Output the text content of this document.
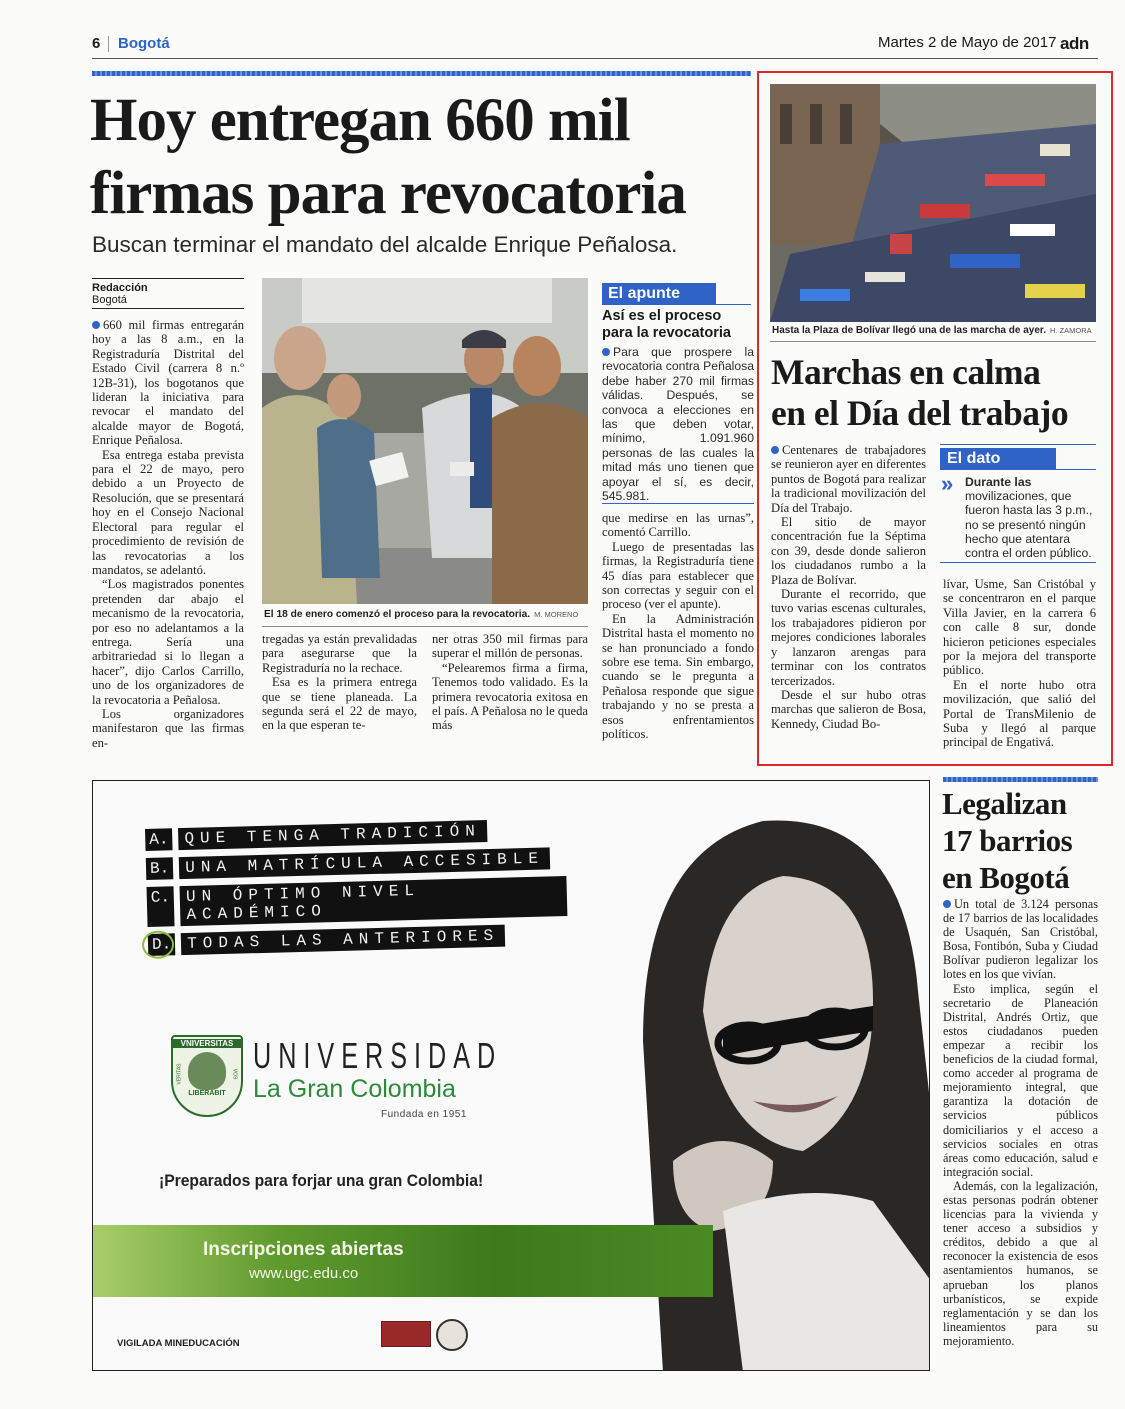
6 Bogotá	Martes 2 de Mayo de 2017 adn
Hoy entregan 660 mil
firmas para revocatoria
Buscan terminar el mandato del alcalde Enrique Peñalosa.
Redacción
Bogotá

660 mil firmas entregarán hoy a las 8 a.m., en la Registraduría Distrital del Estado Civil (carrera 8 n.º 12B-31), los bogotanos que lideran la iniciativa para revocar el mandato del alcalde mayor de Bogotá, Enrique Peñalosa.

Esa entrega estaba prevista para el 22 de mayo, pero debido a un Proyecto de Resolución, que se presentará hoy en el Consejo Nacional Electoral para regular el procedimiento de revisión de las revocatorias a los mandatos, se adelantó.

“Los magistrados ponentes pretenden dar abajo el mecanismo de la revocatoria, por eso no adelantamos a la entrega. Sería una arbitrariedad si lo llegan a hacer”, dijo Carlos Carrillo, uno de los organizadores de la revocatoria a Peñalosa.

Los organizadores manifestaron que las firmas en-

El 18 de enero comenzó el proceso para la revocatoria. M. MORENO

tregadas ya están prevalidadas para asegurarse que la Registraduría no la rechace.

Esa es la primera entrega que se tiene planeada. La segunda será el 22 de mayo, en la que esperan te-

ner otras 350 mil firmas para superar el millón de personas.

“Pelearemos firma a firma, Tenemos todo validado. Es la primera revocatoria exitosa en el país. A Peñalosa no le queda más

El apunte
Así es el proceso
para la revocatoria
Para que prospere la revocatoria contra Peñalosa debe haber 270 mil firmas válidas. Después, se convoca a elecciones en las que deben votar, mínimo, 1.091.960 personas de las cuales la mitad más uno tienen que apoyar el sí, es decir, 545.981.

que medirse en las urnas”, comentó Carrillo.

Luego de presentadas las firmas, la Registraduría tiene 45 días para establecer que son correctas y seguir con el proceso (ver el apunte).

En la Administración Distrital hasta el momento no se han pronunciado a fondo sobre ese tema. Sin embargo, cuando se le pregunta a Peñalosa responde que sigue trabajando y no se presta a esos enfrentamientos políticos.

Hasta la Plaza de Bolívar llegó una de las marcha de ayer. H. ZAMORA
Marchas en calma
en el Día del trabajo

Centenares de trabajadores se reunieron ayer en diferentes puntos de Bogotá para realizar la tradicional movilización del Día del Trabajo.

El sitio de mayor concentración fue la Séptima con 39, desde donde salieron los ciudadanos rumbo a la Plaza de Bolívar.

Durante el recorrido, que tuvo varias escenas culturales, los trabajadores pidieron por mejores condiciones laborales y lanzaron arengas para terminar con los contratos tercerizados.

Desde el sur hubo otras marchas que salieron de Bosa, Kennedy, Ciudad Bo-

El dato
» Durante las
movilizaciones, que fueron hasta las 3 p.m., no se presentó ningún hecho que atentara contra el orden público.

lívar, Usme, San Cristóbal y se concentraron en el parque Villa Javier, en la carrera 6 con calle 8 sur, donde hicieron peticiones especiales por la mejora del transporte público.

En el norte hubo otra movilización, que salió del Portal de TransMilenio de Suba y llegó al parque principal de Engativá.

Legalizan
17 barrios
en Bogotá

Un total de 3.124 personas de 17 barrios de las localidades de Usaquén, San Cristóbal, Bosa, Fontibón, Suba y Ciudad Bolívar pudieron legalizar los lotes en los que vivían.

Esto implica, según el secretario de Planeación Distrital, Andrés Ortiz, que estos ciudadanos pueden empezar a recibir los beneficios de la ciudad formal, como acceder al programa de mejoramiento integral, que garantiza la dotación de servicios públicos domiciliarios y el acceso a servicios sociales en otras áreas como educación, salud e integración social.

Además, con la legalización, estas personas podrán obtener licencias para la vivienda y tener acceso a subsidios y créditos, debido a que al reconocer la existencia de esos asentamientos humanos, se aprueban los planos urbanísticos, se expide reglamentación y se dan los lineamientos para su mejoramiento.

A. QUE TENGA TRADICIÓN
B. UNA MATRÍCULA ACCESIBLE
C. UN ÓPTIMO NIVEL ACADÉMICO
D. TODAS LAS ANTERIORES
VNIVERSITAS
VERITAS	VOS
LIBERABIT
UNIVERSIDAD
La Gran Colombia
Fundada en 1951
¡Preparados para forjar una gran Colombia!
Inscripciones abiertas
www.ugc.edu.co
VIGILADA MINEDUCACIÓN
